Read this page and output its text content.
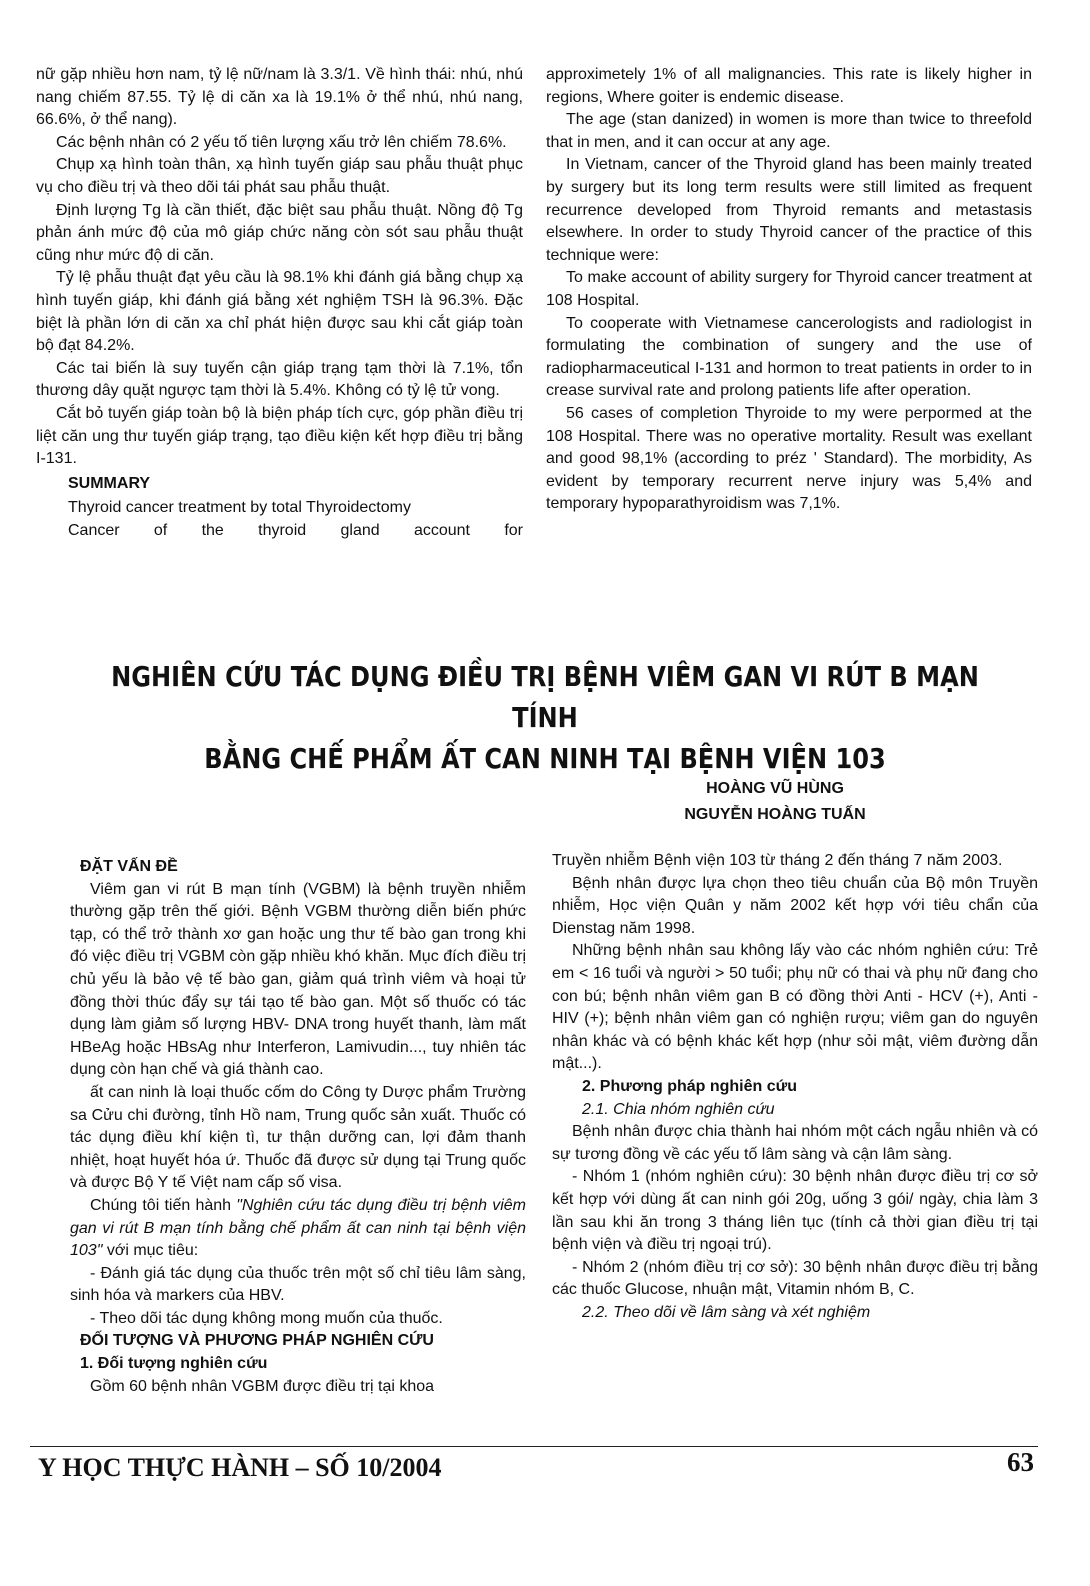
nữ gặp nhiều hơn nam, tỷ lệ nữ/nam là 3.3/1. Về hình thái: nhú, nhú nang chiếm 87.55. Tỷ lệ di căn xa là 19.1% ở thể nhú, nhú nang, 66.6%, ở thể nang).

Các bệnh nhân có 2 yếu tố tiên lượng xấu trở lên chiếm 78.6%.

Chụp xạ hình toàn thân, xạ hình tuyến giáp sau phẫu thuật phục vụ cho điều trị và theo dõi tái phát sau phẫu thuật.

Định lượng Tg là cần thiết, đặc biệt sau phẫu thuật. Nồng độ Tg phản ánh mức độ của mô giáp chức năng còn sót sau phẫu thuật cũng như mức độ di căn.

Tỷ lệ phẫu thuật đạt yêu cầu là 98.1% khi đánh giá bằng chụp xạ hình tuyến giáp, khi đánh giá bằng xét nghiệm TSH là 96.3%. Đặc biệt là phần lớn di căn xa chỉ phát hiện được sau khi cắt giáp toàn bộ đạt 84.2%.

Các tai biến là suy tuyến cận giáp trạng tạm thời là 7.1%, tổn thương dây quặt ngược tạm thời là 5.4%. Không có tỷ lệ tử vong.

Cắt bỏ tuyến giáp toàn bộ là biện pháp tích cực, góp phần điều trị liệt căn ung thư tuyến giáp trạng, tạo điều kiện kết hợp điều trị bằng I-131.

SUMMARY

Thyroid cancer treatment by total Thyroidectomy

Cancer of the thyroid gland account for

approximetely 1% of all malignancies. This rate is likely higher in regions, Where goiter is endemic disease.

The age (stan danized) in women is more than twice to threefold that in men, and it can occur at any age.

In Vietnam, cancer of the Thyroid gland has been mainly treated by surgery but its long term results were still limited as frequent recurrence developed from Thyroid remants and metastasis elsewhere. In order to study Thyroid cancer of the practice of this technique were:

To make account of ability surgery for Thyroid cancer treatment at 108 Hospital.

To cooperate with Vietnamese cancerologists and radiologist in formulating the combination of sungery and the use of radiopharmaceutical I-131 and hormon to treat patients in order to in crease survival rate and prolong patients life after operation.

56 cases of completion Thyroide to my were perpormed at the 108 Hospital. There was no operative mortality. Result was exellant and good 98,1% (according to préz ' Standard). The morbidity, As evident by temporary recurrent nerve injury was 5,4% and temporary hypoparathyroidism was 7,1%.

NGHIÊN CỨU TÁC DỤNG ĐIỀU TRỊ BỆNH VIÊM GAN VI RÚT B MẠN TÍNH
BẰNG CHẾ PHẨM ẤT CAN NINH TẠI BỆNH VIỆN 103
HOÀNG VŨ HÙNG
NGUYỄN HOÀNG TUẤN

ĐẶT VẤN ĐỀ

Viêm gan vi rút B mạn tính (VGBM) là bệnh truyền nhiễm thường gặp trên thế giới. Bệnh VGBM thường diễn biến phức tạp, có thể trở thành xơ gan hoặc ung thư tế bào gan trong khi đó việc điều trị VGBM còn gặp nhiều khó khăn. Mục đích điều trị chủ yếu là bảo vệ tế bào gan, giảm quá trình viêm và hoại tử đồng thời thúc đẩy sự tái tạo tế bào gan. Một số thuốc có tác dụng làm giảm số lượng HBV- DNA trong huyết thanh, làm mất HBeAg hoặc HBsAg như Interferon, Lamivudin..., tuy nhiên tác dụng còn hạn chế và giá thành cao.

ất can ninh là loại thuốc cốm do Công ty Dược phẩm Trường sa Cửu chi đường, tỉnh Hồ nam, Trung quốc sản xuất. Thuốc có tác dụng điều khí kiện tì, tư thận dưỡng can, lợi đảm thanh nhiệt, hoạt huyết hóa ứ. Thuốc đã được sử dụng tại Trung quốc và được Bộ Y tế Việt nam cấp số visa.

Chúng tôi tiến hành "Nghiên cứu tác dụng điều trị bệnh viêm gan vi rút B mạn tính bằng chế phẩm ất can ninh tại bệnh viện 103" với mục tiêu:

- Đánh giá tác dụng của thuốc trên một số chỉ tiêu lâm sàng, sinh hóa và markers của HBV.

- Theo dõi tác dụng không mong muốn của thuốc.

ĐỐI TƯỢNG VÀ PHƯƠNG PHÁP NGHIÊN CỨU

1. Đối tượng nghiên cứu

Gồm 60 bệnh nhân VGBM được điều trị tại khoa

Truyền nhiễm Bệnh viện 103 từ tháng 2 đến tháng 7 năm 2003.

Bệnh nhân được lựa chọn theo tiêu chuẩn của Bộ môn Truyền nhiễm, Học viện Quân y năm 2002 kết hợp với tiêu chẩn của Dienstag năm 1998.

Những bệnh nhân sau không lấy vào các nhóm nghiên cứu: Trẻ em < 16 tuổi và người > 50 tuổi; phụ nữ có thai và phụ nữ đang cho con bú; bệnh nhân viêm gan B có đồng thời Anti - HCV (+), Anti - HIV (+); bệnh nhân viêm gan có nghiện rượu; viêm gan do nguyên nhân khác và có bệnh khác kết hợp (như sỏi mật, viêm đường dẫn mật...).

2. Phương pháp nghiên cứu

2.1. Chia nhóm nghiên cứu

Bệnh nhân được chia thành hai nhóm một cách ngẫu nhiên và có sự tương đồng về các yếu tố lâm sàng và cận lâm sàng.

- Nhóm 1 (nhóm nghiên cứu): 30 bệnh nhân được điều trị cơ sở kết hợp với dùng ất can ninh gói 20g, uống 3 gói/ ngày, chia làm 3 lần sau khi ăn trong 3 tháng liên tục (tính cả thời gian điều trị tại bệnh viện và điều trị ngoại trú).

- Nhóm 2 (nhóm điều trị cơ sở): 30 bệnh nhân được điều trị bằng các thuốc Glucose, nhuận mật, Vitamin nhóm B, C.

2.2. Theo dõi về lâm sàng và xét nghiệm

Y HỌC THỰC HÀNH – SỐ 10/2004	63
